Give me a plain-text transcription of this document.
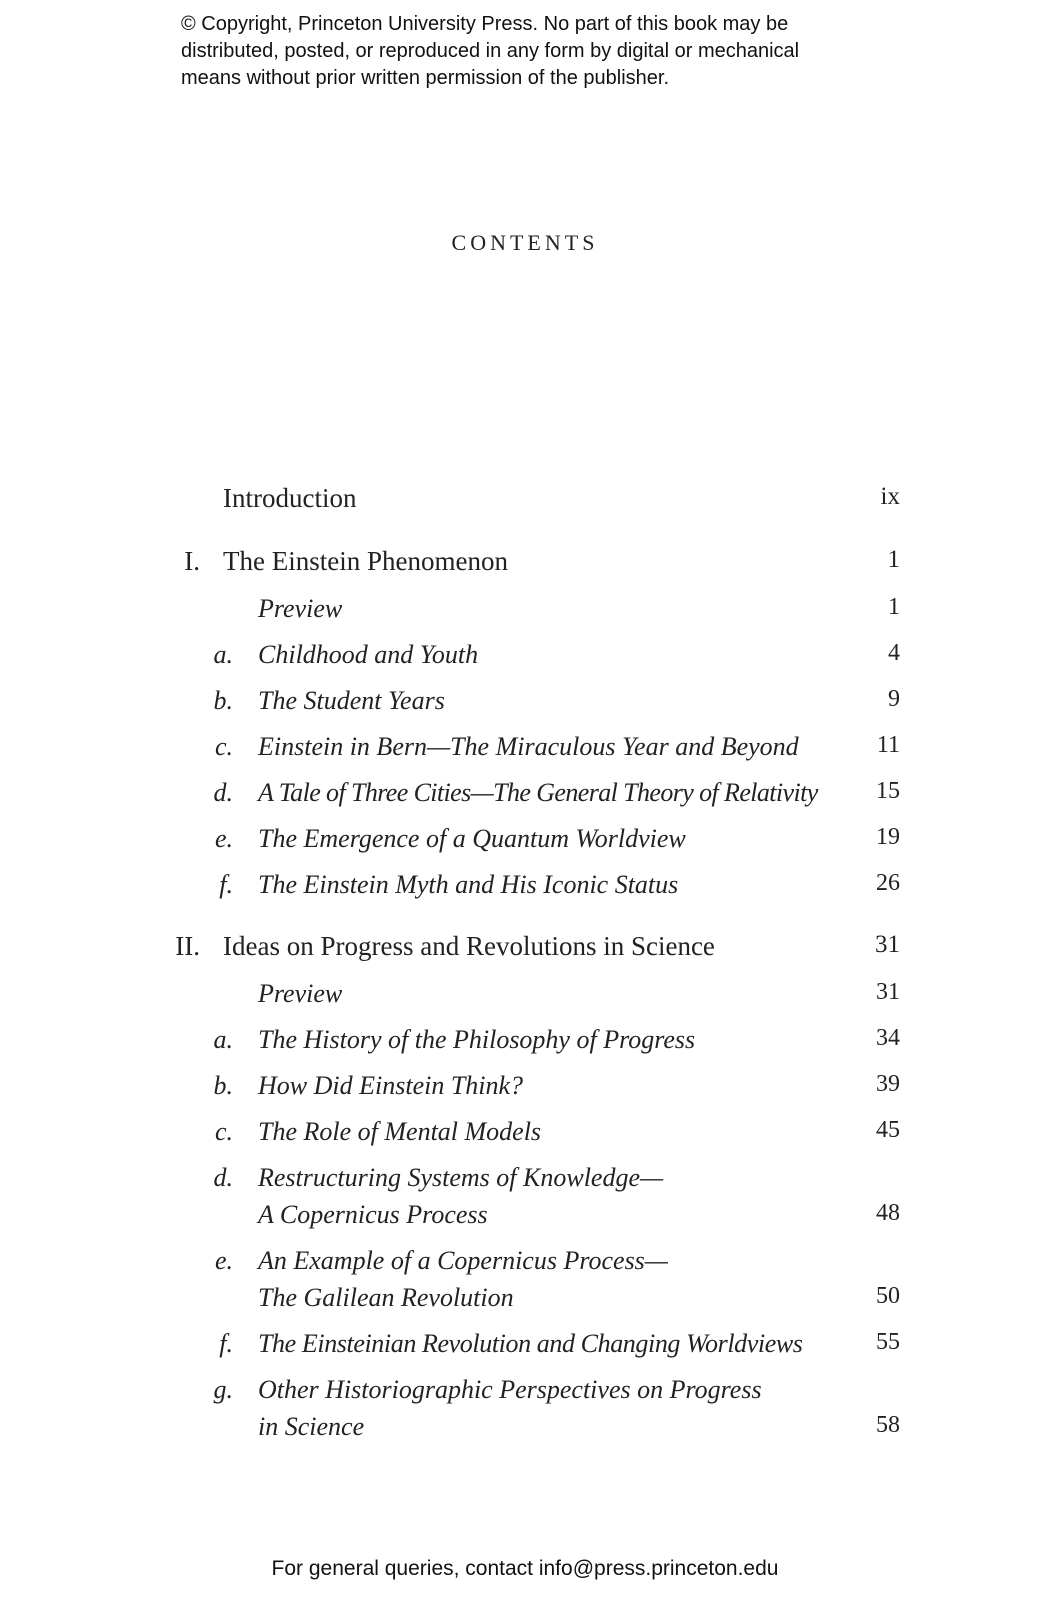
© Copyright, Princeton University Press. No part of this book may be
distributed, posted, or reproduced in any form by digital or mechanical
means without prior written permission of the publisher.
CONTENTS
Introduction	ix
I. The Einstein Phenomenon	1
Preview	1
a. Childhood and Youth	4
b. The Student Years	9
c. Einstein in Bern—The Miraculous Year and Beyond	11
d. A Tale of Three Cities—The General Theory of Relativity 15
e. The Emergence of a Quantum Worldview	19
f. The Einstein Myth and His Iconic Status	26
II. Ideas on Progress and Revolutions in Science	31
Preview	31
a. The History of the Philosophy of Progress	34
b. How Did Einstein Think?	39
c. The Role of Mental Models	45
d. Restructuring Systems of Knowledge—
A Copernicus Process	48
e. An Example of a Copernicus Process—
The Galilean Revolution	50
f. The Einsteinian Revolution and Changing Worldviews	55
g. Other Historiographic Perspectives on Progress
in Science	58
For general queries, contact info@press.princeton.edu
